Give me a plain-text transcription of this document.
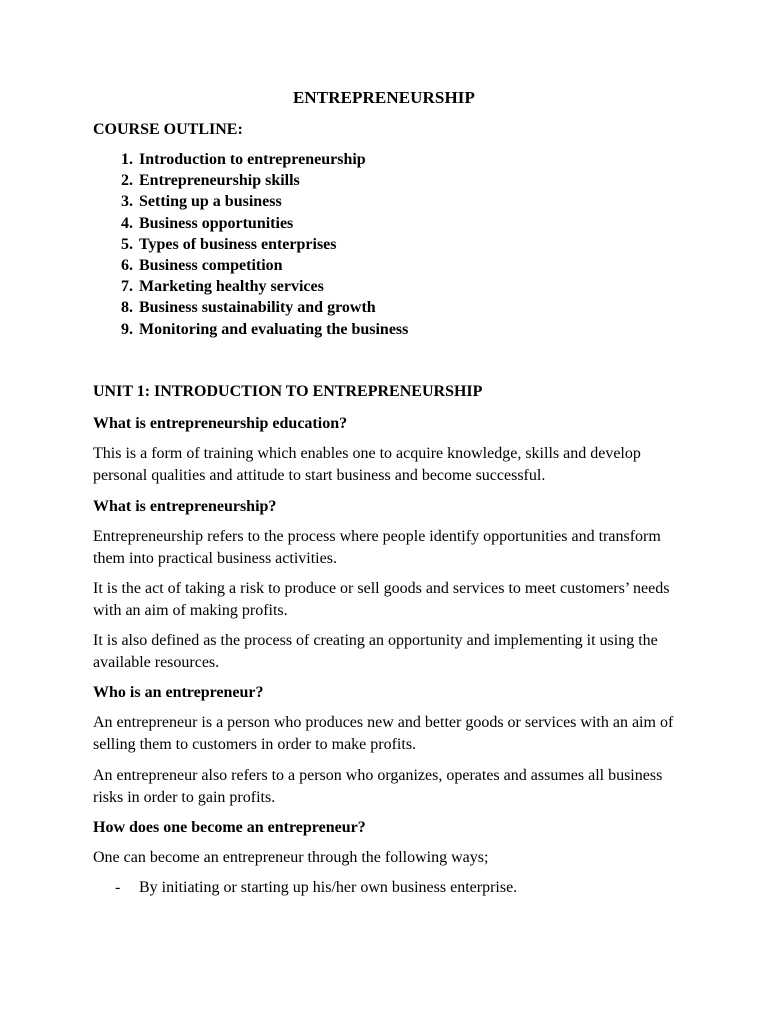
ENTREPRENEURSHIP
COURSE OUTLINE:
1. Introduction to entrepreneurship
2. Entrepreneurship skills
3. Setting up a business
4. Business opportunities
5. Types of business enterprises
6. Business competition
7. Marketing healthy services
8. Business sustainability and growth
9. Monitoring and evaluating the business
UNIT 1: INTRODUCTION TO ENTREPRENEURSHIP
What is entrepreneurship education?

This is a form of training which enables one to acquire knowledge, skills and develop personal qualities and attitude to start business and become successful.

What is entrepreneurship?

Entrepreneurship refers to the process where people identify opportunities and transform them into practical business activities.

It is the act of taking a risk to produce or sell goods and services to meet customers’ needs with an aim of making profits.

It is also defined as the process of creating an opportunity and implementing it using the available resources.

Who is an entrepreneur?

An entrepreneur is a person who produces new and better goods or services with an aim of selling them to customers in order to make profits.

An entrepreneur also refers to a person who organizes, operates and assumes all business risks in order to gain profits.

How does one become an entrepreneur?

One can become an entrepreneur through the following ways;

- By initiating or starting up his/her own business enterprise.
